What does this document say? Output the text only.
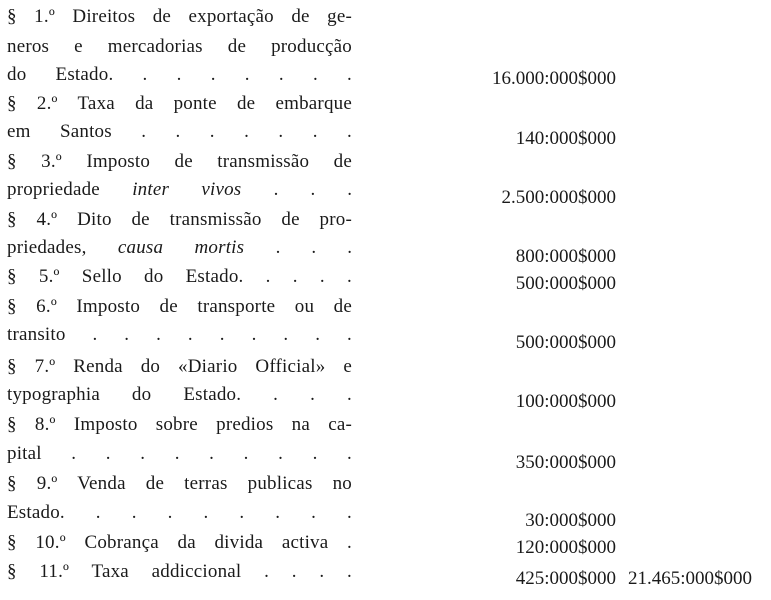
§ 1.º Direitos de exportação de ge-
neros e mercadorias de producção
do Estado. . . . . . . .	16.000:000$000
§ 2.º Taxa da ponte de embarque
em Santos . . . . . . .	140:000$000
§ 3.º Imposto de transmissão de
propriedade inter vivos . . .	2.500:000$000
§ 4.º Dito de transmissão de pro-
priedades, causa mortis . . .	800:000$000
§ 5.º Sello do Estado. . . . .	500:000$000
§ 6.º Imposto de transporte ou de
transito . . . . . . . . .	500:000$000
§ 7.º Renda do «Diario Official» e
typographia do Estado. . . .	100:000$000
§ 8.º Imposto sobre predios na ca-
pital . . . . . . . . .	350:000$000
§ 9.º Venda de terras publicas no
Estado. . . . . . . . .	30:000$000
§ 10.º Cobrança da divida activa .	120:000$000
§ 11.º Taxa addiccional . . . .	425:000$000 21.465:000$000
